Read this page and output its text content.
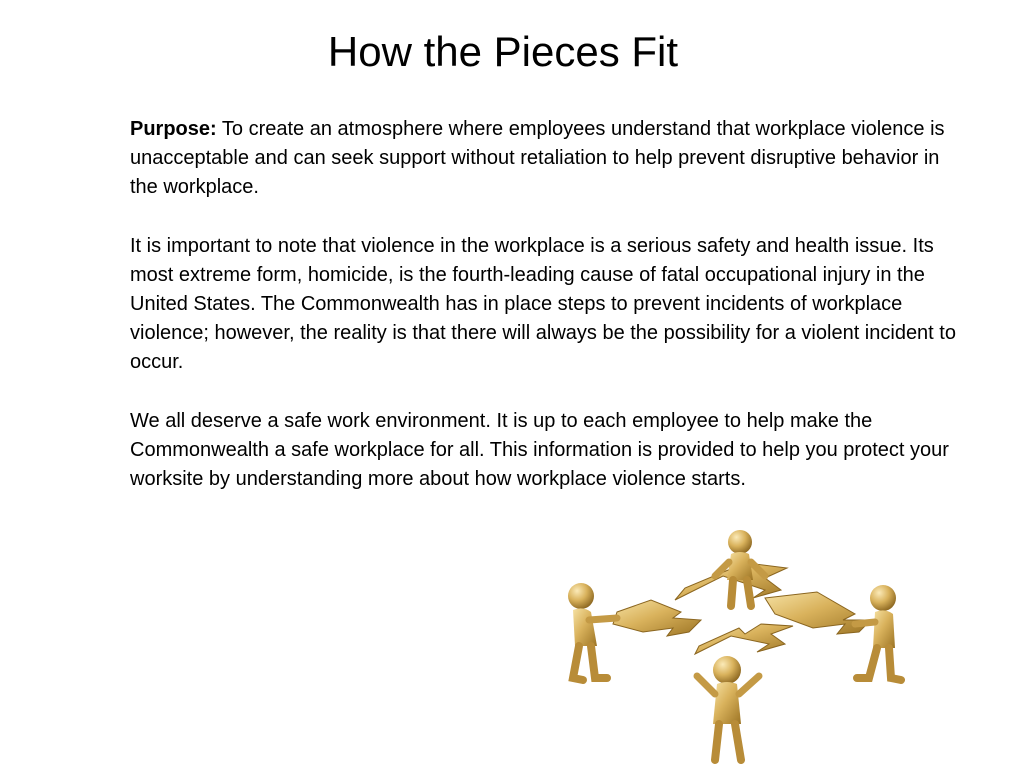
How the Pieces Fit

Purpose: To create an atmosphere where employees understand that workplace violence is unacceptable and can seek support without retaliation to help prevent disruptive behavior in the workplace.

It is important to note that violence in the workplace is a serious safety and health issue. Its most extreme form, homicide, is the fourth-leading cause of fatal occupational injury in the United States. The Commonwealth has in place steps to prevent incidents of workplace violence; however, the reality is that there will always be the possibility for a violent incident to occur.

We all deserve a safe work environment. It is up to each employee to help make the Commonwealth a safe workplace for all. This information is provided to help you protect your worksite by understanding more about how workplace violence starts.
